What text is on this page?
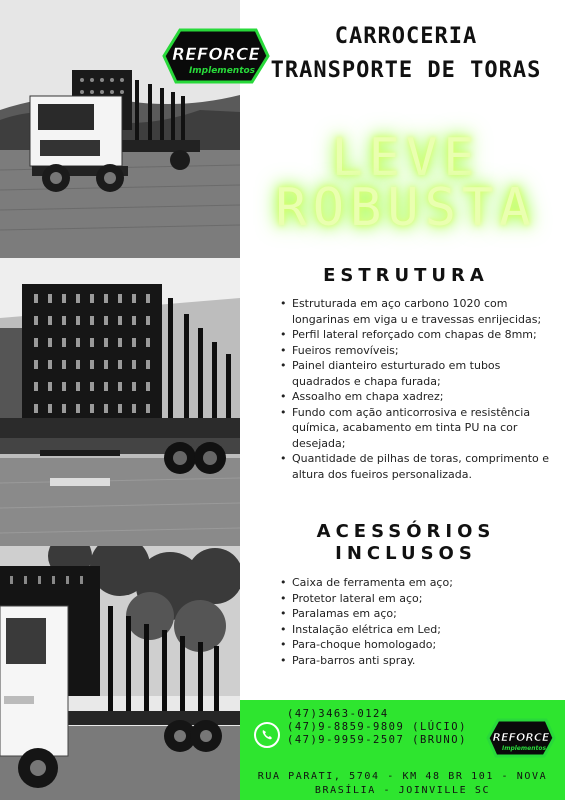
REFORCE
Implementos
CARROCERIA
TRANSPORTE DE TORAS
LEVE
ROBUSTA
ESTRUTURA
• Estruturada em aço carbono 1020 com longarinas em viga u e travessas enrijecidas;
• Perfil lateral reforçado com chapas de 8mm;
• Fueiros removíveis;
• Painel dianteiro esturturado em tubos quadrados e chapa furada;
• Assoalho em chapa xadrez;
• Fundo com ação anticorrosiva e resistência química, acabamento em tinta PU na cor desejada;
• Quantidade de pilhas de toras, comprimento e altura dos fueiros personalizada.
ACESSÓRIOS
INCLUSOS
• Caixa de ferramenta em aço;
• Protetor lateral em aço;
• Paralamas em aço;
• Instalação elétrica em Led;
• Para-choque homologado;
• Para-barros anti spray.
(47)3463-0124
(47)9-8859-9809 (LÚCIO)
(47)9-9959-2507 (BRUNO) REFORCE
Implementos
RUA PARATI, 5704 - KM 48 BR 101 - NOVA
BRASÍLIA - JOINVILLE SC
